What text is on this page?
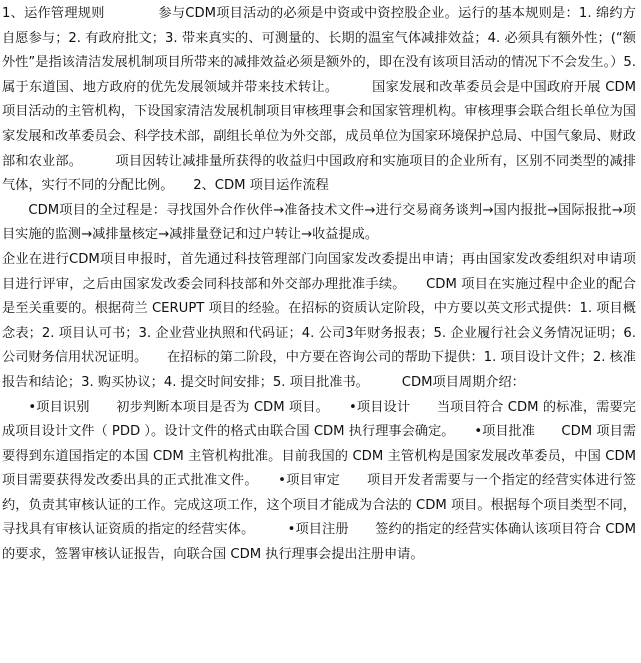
1、运作管理规则　　　　参与CDM项目活动的必须是中资或中资控股企业。运行的基本规则是：1. 绵约方自愿参与；2. 有政府批文；3. 带来真实的、可测量的、长期的温室气体减排效益；4. 必须具有额外性；(“额外性”是指该清洁发展机制项目所带来的减排效益必须是额外的，即在没有该项目活动的情况下不会发生。）5. 属于东道国、地方政府的优先发展领域并带来技术转让。　　　国家发展和改革委员会是中国政府开展 CDM 项目活动的主管机构，下设国家清洁发展机制项目审核理事会和国家管理机构。审核理事会联合组长单位为国家发展和改革委员会、科学技术部，副组长单位为外交部，成员单位为国家环境保护总局、中国气象局、财政部和农业部。　　　项目因转让减排量所获得的收益归中国政府和实施项目的企业所有，区别不同类型的减排气体，实行不同的分配比例。　　2、CDM 项目运作流程

CDM项目的全过程是：寻找国外合作伙伴→准备技术文件→进行交易商务谈判→国内报批→国际报批→项目实施的监测→减排量核定→减排量登记和过户转让→收益提成。

企业在进行CDM项目申报时，首先通过科技管理部门向国家发改委提出申请；再由国家发改委组织对申请项目进行评审，之后由国家发改委会同科技部和外交部办理批准手续。　　CDM 项目在实施过程中企业的配合是至关重要的。根据荷兰 CERUPT 项目的经验。在招标的资质认定阶段，中方要以英文形式提供：1. 项目概念表；2. 项目认可书；3. 企业营业执照和代码证；4. 公司3年财务报表；5. 企业履行社会义务情况证明；6. 公司财务信用状况证明。　　在招标的第二阶段，中方要在咨询公司的帮助下提供：1. 项目设计文件；2. 核准报告和结论；3. 购买协议；4. 提交时间安排；5. 项目批准书。　　　CDM项目周期介绍：

•项目识别　　初步判断本项目是否为 CDM 项目。　　•项目设计　　当项目符合 CDM 的标准，需要完成项目设计文件（ PDD ）。设计文件的格式由联合国 CDM 执行理事会确定。　　•项目批准　　CDM 项目需要得到东道国指定的本国 CDM 主管机构批准。目前我国的 CDM 主管机构是国家发展改革委员，中国 CDM 项目需要获得发改委出具的正式批准文件。　　•项目审定　　项目开发者需要与一个指定的经营实体进行签约，负责其审核认证的工作。完成这项工作，这个项目才能成为合法的 CDM 项目。根据每个项目类型不同，寻找具有审核认证资质的指定的经营实体。　　　•项目注册　　签约的指定的经营实体确认该项目符合 CDM 的要求，签署审核认证报告，向联合国 CDM 执行理事会提出注册申请。
